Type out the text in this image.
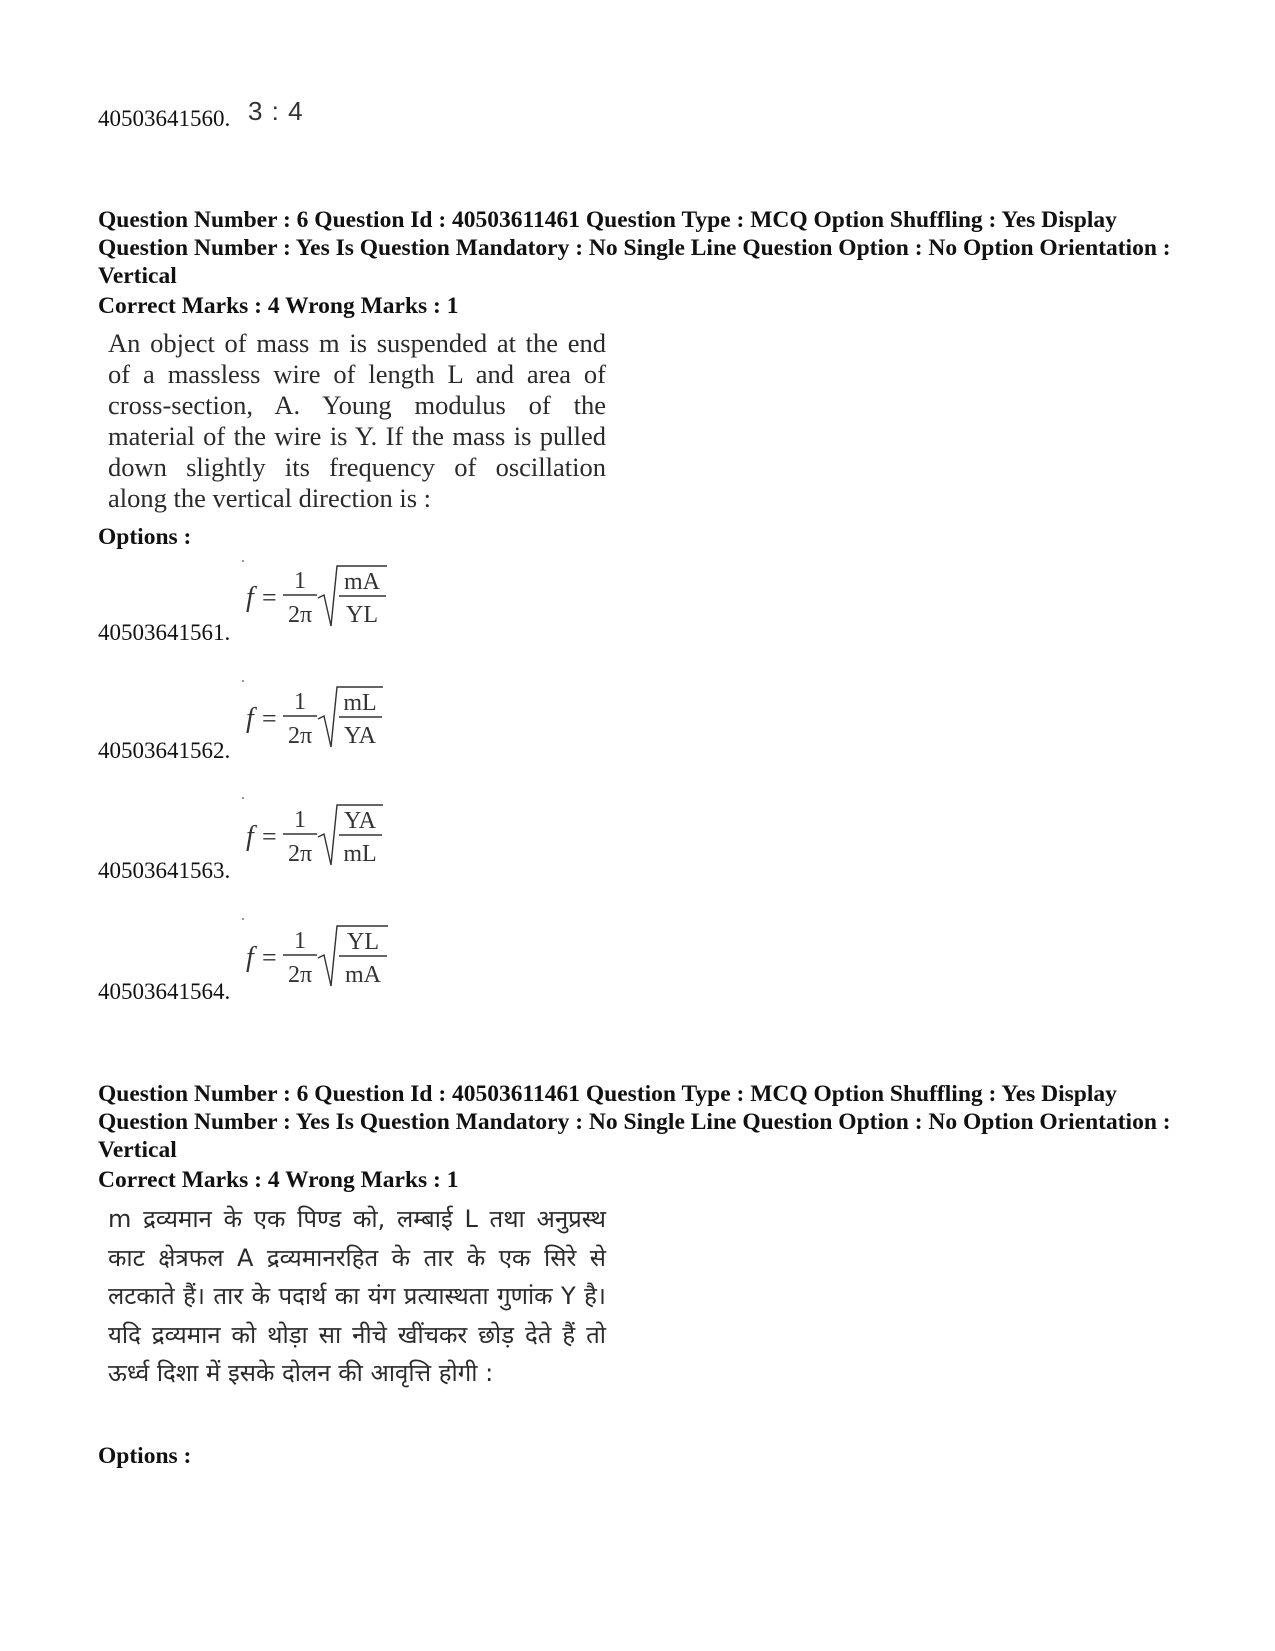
40503641560. 3 : 4
Question Number : 6 Question Id : 40503611461 Question Type : MCQ Option Shuffling : Yes Display Question Number : Yes Is Question Mandatory : No Single Line Question Option : No Option Orientation : Vertical
Correct Marks : 4 Wrong Marks : 1
An object of mass m is suspended at the end of a massless wire of length L and area of cross-section, A. Young modulus of the material of the wire is Y. If the mass is pulled down slightly its frequency of oscillation along the vertical direction is :
Options :
40503641561.
f =
1
2π
mA
YL
40503641562.
f =
1
2π
mL
YA
40503641563.
f =
1
2π
YA
mL
40503641564.
f =
1
2π
YL
mA
Question Number : 6 Question Id : 40503611461 Question Type : MCQ Option Shuffling : Yes Display Question Number : Yes Is Question Mandatory : No Single Line Question Option : No Option Orientation : Vertical
Correct Marks : 4 Wrong Marks : 1
m द्रव्यमान के एक पिण्ड को, लम्बाई L तथा अनुप्रस्थ काट क्षेत्रफल A द्रव्यमानरहित के तार के एक सिरे से लटकाते हैं। तार के पदार्थ का यंग प्रत्यास्थता गुणांक Y है। यदि द्रव्यमान को थोड़ा सा नीचे खींचकर छोड़ देते हैं तो ऊर्ध्व दिशा में इसके दोलन की आवृत्ति होगी :
Options :
